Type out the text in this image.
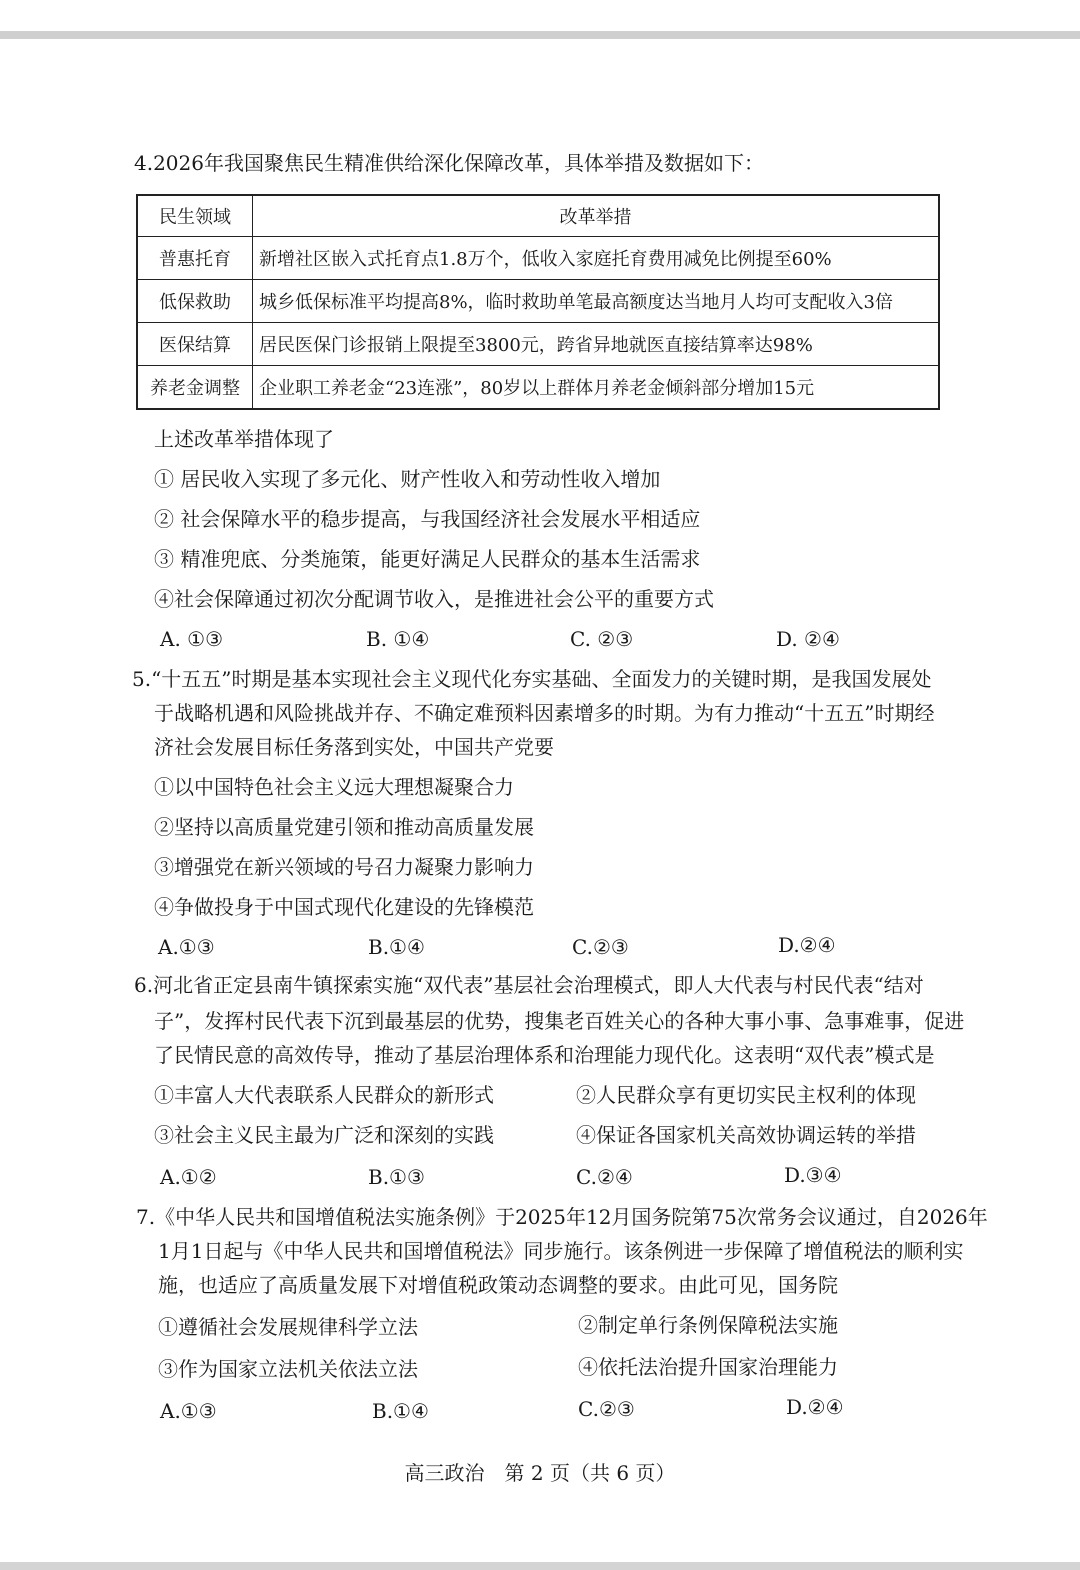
4.2026年我国聚焦民生精准供给深化保障改革，具体举措及数据如下：
民生领域	改革举措
普惠托育	新增社区嵌入式托育点1.8万个，低收入家庭托育费用减免比例提至60%
低保救助	城乡低保标准平均提高8%，临时救助单笔最高额度达当地月人均可支配收入3倍
医保结算	居民医保门诊报销上限提至3800元，跨省异地就医直接结算率达98%
养老金调整	企业职工养老金“23连涨”，80岁以上群体月养老金倾斜部分增加15元
上述改革举措体现了
① 居民收入实现了多元化、财产性收入和劳动性收入增加
② 社会保障水平的稳步提高，与我国经济社会发展水平相适应
③ 精准兜底、分类施策，能更好满足人民群众的基本生活需求
④社会保障通过初次分配调节收入，是推进社会公平的重要方式
A. ①③	B. ①④	C. ②③	D. ②④
5.“十五五”时期是基本实现社会主义现代化夯实基础、全面发力的关键时期，是我国发展处
于战略机遇和风险挑战并存、不确定难预料因素增多的时期。为有力推动“十五五”时期经
济社会发展目标任务落到实处，中国共产党要
①以中国特色社会主义远大理想凝聚合力
②坚持以高质量党建引领和推动高质量发展
③增强党在新兴领域的号召力凝聚力影响力
④争做投身于中国式现代化建设的先锋模范
A.①③	B.①④	C.②③	D.②④
6.河北省正定县南牛镇探索实施“双代表”基层社会治理模式，即人大代表与村民代表“结对
子”，发挥村民代表下沉到最基层的优势，搜集老百姓关心的各种大事小事、急事难事，促进
了民情民意的高效传导，推动了基层治理体系和治理能力现代化。这表明“双代表”模式是
①丰富人大代表联系人民群众的新形式	②人民群众享有更切实民主权利的体现
③社会主义民主最为广泛和深刻的实践	④保证各国家机关高效协调运转的举措
A.①②	B.①③	C.②④	D.③④
7.《中华人民共和国增值税法实施条例》于2025年12月国务院第75次常务会议通过，自2026年
1月1日起与《中华人民共和国增值税法》同步施行。该条例进一步保障了增值税法的顺利实
施，也适应了高质量发展下对增值税政策动态调整的要求。由此可见，国务院
①遵循社会发展规律科学立法	②制定单行条例保障税法实施
③作为国家立法机关依法立法	④依托法治提升国家治理能力
A.①③	B.①④	C.②③	D.②④
高三政治　第 2 页（共 6 页）
